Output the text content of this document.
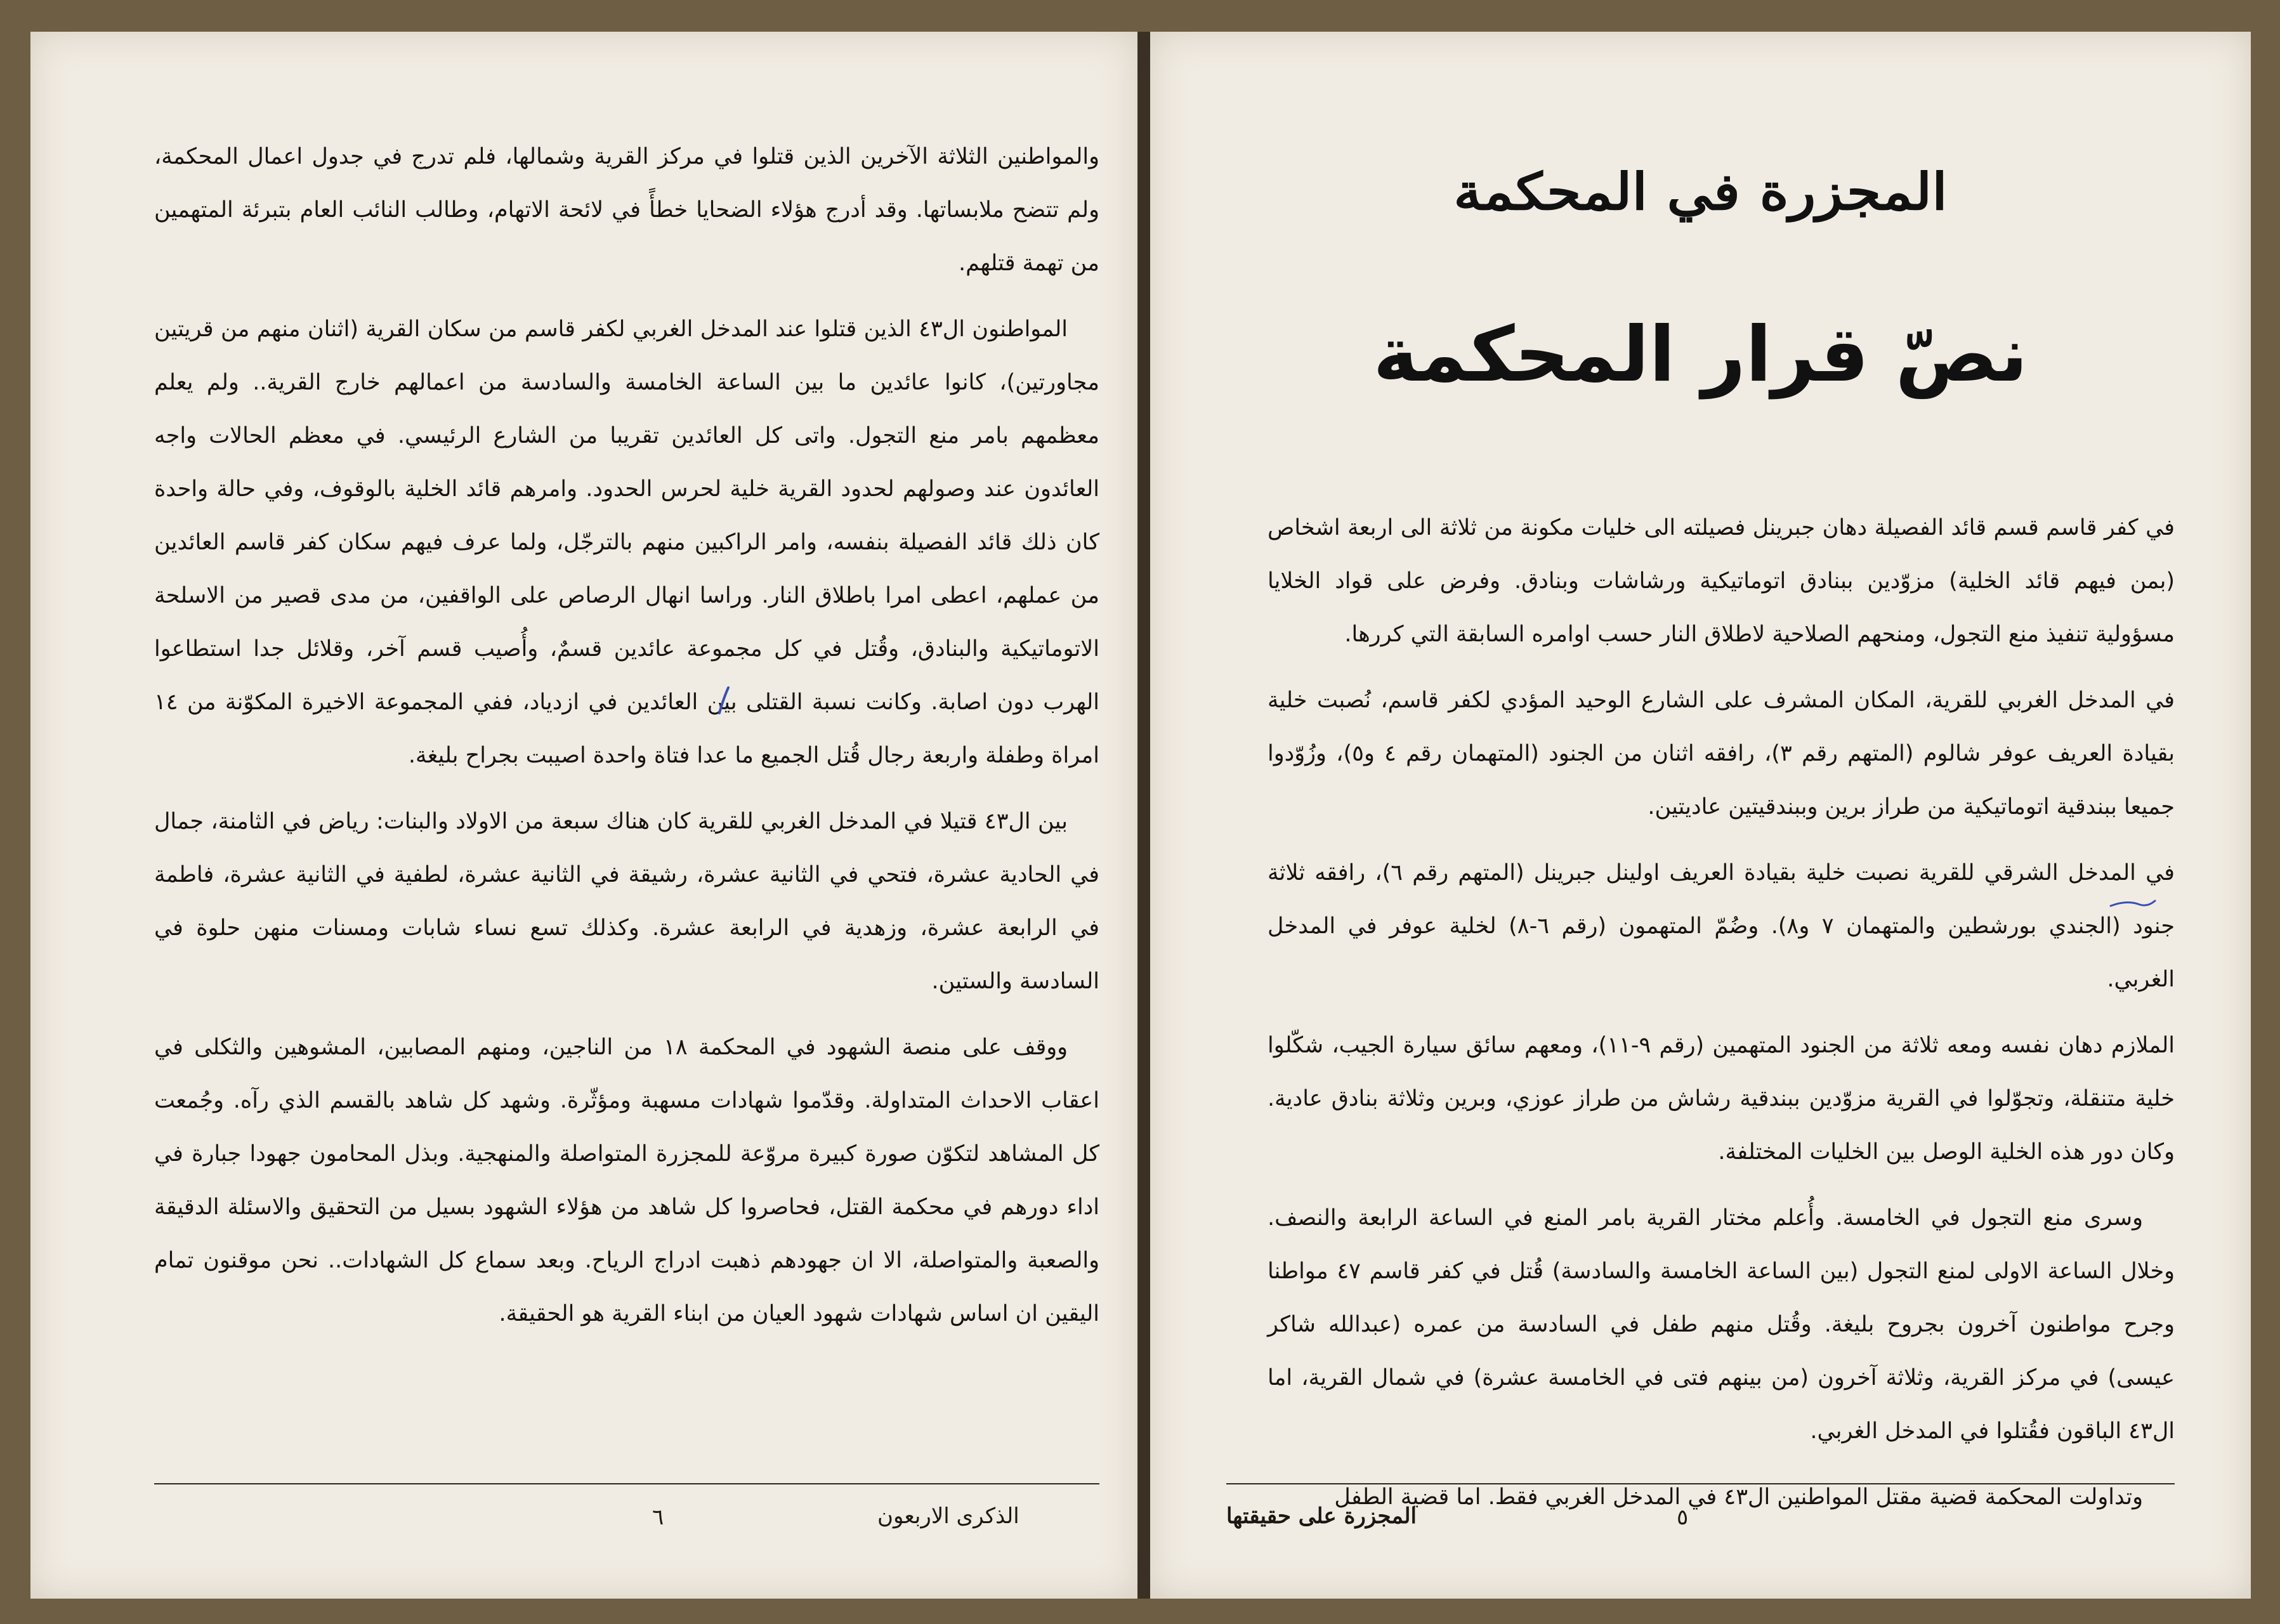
والمواطنين الثلاثة الآخرين الذين قتلوا في مركز القرية وشمالها، فلم تدرج في جدول اعمال المحكمة، ولم تتضح ملابساتها. وقد أدرج هؤلاء الضحايا خطأً في لائحة الاتهام، وطالب النائب العام بتبرئة المتهمين من تهمة قتلهم.

المواطنون ال٤٣ الذين قتلوا عند المدخل الغربي لكفر قاسم من سكان القرية (اثنان منهم من قريتين مجاورتين)، كانوا عائدين ما بين الساعة الخامسة والسادسة من اعمالهم خارج القرية.. ولم يعلم معظمهم بامر منع التجول. واتى كل العائدين تقريبا من الشارع الرئيسي. في معظم الحالات واجه العائدون عند وصولهم لحدود القرية خلية لحرس الحدود. وامرهم قائد الخلية بالوقوف، وفي حالة واحدة كان ذلك قائد الفصيلة بنفسه، وامر الراكبين منهم بالترجّل، ولما عرف فيهم سكان كفر قاسم العائدين من عملهم، اعطى امرا باطلاق النار. وراسا انهال الرصاص على الواقفين، من مدى قصير من الاسلحة الاتوماتيكية والبنادق، وقُتل في كل مجموعة عائدين قسمٌ، وأُصيب قسم آخر، وقلائل جدا استطاعوا الهرب دون اصابة. وكانت نسبة القتلى بين العائدين في ازدياد، ففي المجموعة الاخيرة المكوّنة من ١٤ امراة وطفلة واربعة رجال قُتل الجميع ما عدا فتاة واحدة اصيبت بجراح بليغة.

بين ال٤٣ قتيلا في المدخل الغربي للقرية كان هناك سبعة من الاولاد والبنات: رياض في الثامنة، جمال في الحادية عشرة، فتحي في الثانية عشرة، رشيقة في الثانية عشرة، لطفية في الثانية عشرة، فاطمة في الرابعة عشرة، وزهدية في الرابعة عشرة. وكذلك تسع نساء شابات ومسنات منهن حلوة في السادسة والستين.

ووقف على منصة الشهود في المحكمة ١٨ من الناجين، ومنهم المصابين، المشوهين والثكلى في اعقاب الاحداث المتداولة. وقدّموا شهادات مسهبة ومؤثّرة. وشهد كل شاهد بالقسم الذي رآه. وجُمعت كل المشاهد لتكوّن صورة كبيرة مروّعة للمجزرة المتواصلة والمنهجية. وبذل المحامون جهودا جبارة في اداء دورهم في محكمة القتل، فحاصروا كل شاهد من هؤلاء الشهود بسيل من التحقيق والاسئلة الدقيقة والصعبة والمتواصلة، الا ان جهودهم ذهبت ادراج الرياح. وبعد سماع كل الشهادات.. نحن موقنون تمام اليقين ان اساس شهادات شهود العيان من ابناء القرية هو الحقيقة.

الذكرى الاربعون
٦
المجزرة في المحكمة
نصّ قرار المحكمة

في كفر قاسم قسم قائد الفصيلة دهان جبرينل فصيلته الى خليات مكونة من ثلاثة الى اربعة اشخاص (بمن فيهم قائد الخلية) مزوّدين ببنادق اتوماتيكية ورشاشات وبنادق. وفرض على قواد الخلايا مسؤولية تنفيذ منع التجول، ومنحهم الصلاحية لاطلاق النار حسب اوامره السابقة التي كررها.

في المدخل الغربي للقرية، المكان المشرف على الشارع الوحيد المؤدي لكفر قاسم، نُصبت خلية بقيادة العريف عوفر شالوم (المتهم رقم ٣)، رافقه اثنان من الجنود (المتهمان رقم ٤ و٥)، وزُوّدوا جميعا ببندقية اتوماتيكية من طراز برين وببندقيتين عاديتين.

في المدخل الشرقي للقرية نصبت خلية بقيادة العريف اولينل جبرينل (المتهم رقم ٦)، رافقه ثلاثة جنود (الجندي بورشطين والمتهمان ٧ و٨). وضُمّ المتهمون (رقم ٦-٨) لخلية عوفر في المدخل الغربي.

الملازم دهان نفسه ومعه ثلاثة من الجنود المتهمين (رقم ٩-١١)، ومعهم سائق سيارة الجيب، شكّلوا خلية متنقلة، وتجوّلوا في القرية مزوّدين ببندقية رشاش من طراز عوزي، وبرين وثلاثة بنادق عادية. وكان دور هذه الخلية الوصل بين الخليات المختلفة.

وسرى منع التجول في الخامسة. وأُعلم مختار القرية بامر المنع في الساعة الرابعة والنصف. وخلال الساعة الاولى لمنع التجول (بين الساعة الخامسة والسادسة) قُتل في كفر قاسم ٤٧ مواطنا وجرح مواطنون آخرون بجروح بليغة. وقُتل منهم طفل في السادسة من عمره (عبدالله شاكر عيسى) في مركز القرية، وثلاثة آخرون (من بينهم فتى في الخامسة عشرة) في شمال القرية، اما ال٤٣ الباقون فقُتلوا في المدخل الغربي.

وتداولت المحكمة قضية مقتل المواطنين ال٤٣ في المدخل الغربي فقط. اما قضية الطفل

المجزرة على حقيقتها	٥
